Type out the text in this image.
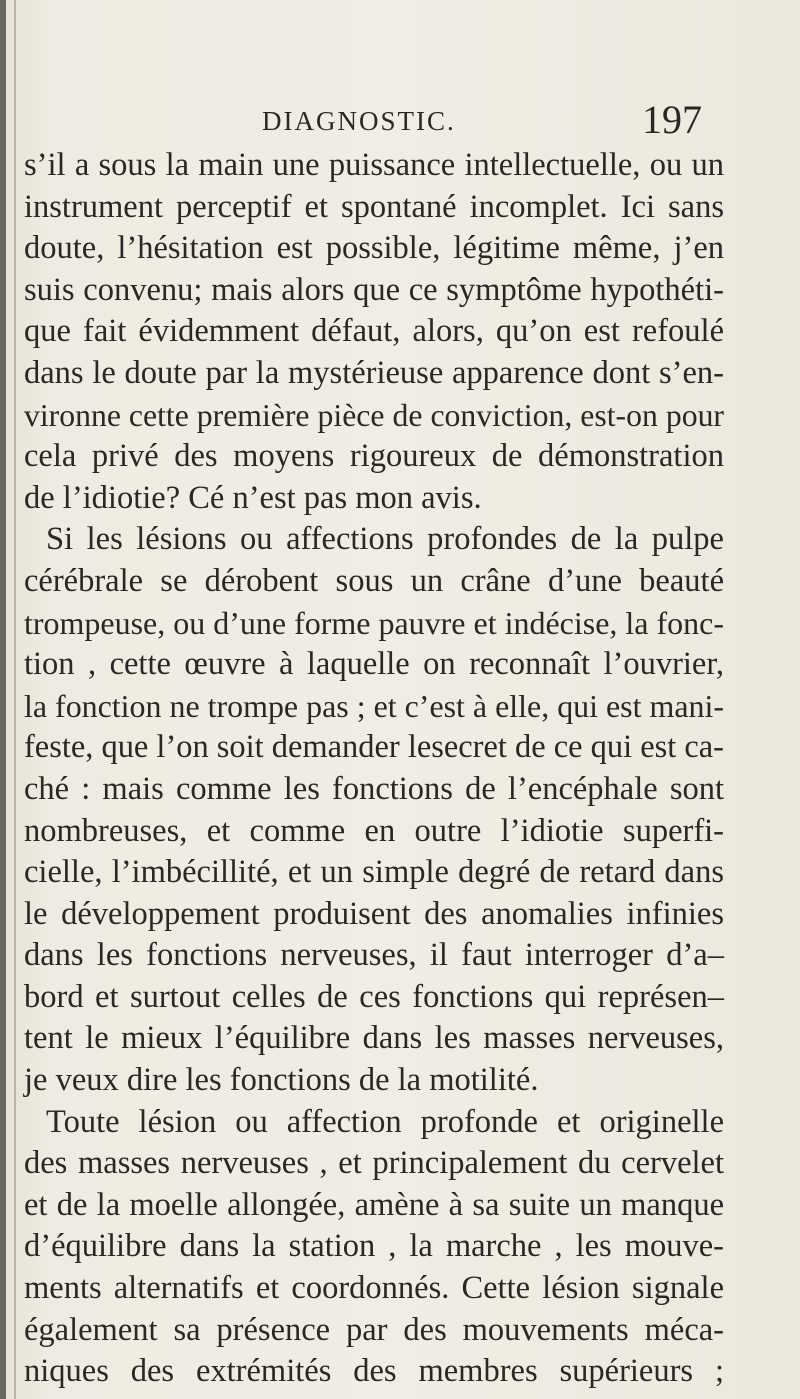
DIAGNOSTIC.	197
s’il a sous la main une puissance intellectuelle, ou un
instrument perceptif et spontané incomplet. Ici sans
doute, l’hésitation est possible, légitime même, j’en
suis convenu; mais alors que ce symptôme hypothéti-
que fait évidemment défaut, alors, qu’on est refoulé
dans le doute par la mystérieuse apparence dont s’en-
vironne cette première pièce de conviction, est-on pour
cela privé des moyens rigoureux de démonstration
de l’idiotie? Cé n’est pas mon avis.
Si les lésions ou affections profondes de la pulpe
cérébrale se dérobent sous un crâne d’une beauté
trompeuse, ou d’une forme pauvre et indécise, la fonc-
tion , cette œuvre à laquelle on reconnaît l’ouvrier,
la fonction ne trompe pas ; et c’est à elle, qui est mani-
feste, que l’on soit demander lesecret de ce qui est ca-
ché : mais comme les fonctions de l’encéphale sont
nombreuses, et comme en outre l’idiotie superfi-
cielle, l’imbécillité, et un simple degré de retard dans
le développement produisent des anomalies infinies
dans les fonctions nerveuses, il faut interroger d’a–
bord et surtout celles de ces fonctions qui représen–
tent le mieux l’équilibre dans les masses nerveuses,
je veux dire les fonctions de la motilité.
Toute lésion ou affection profonde et originelle
des masses nerveuses , et principalement du cervelet
et de la moelle allongée, amène à sa suite un manque
d’équilibre dans la station , la marche , les mouve-
ments alternatifs et coordonnés. Cette lésion signale
également sa présence par des mouvements méca-
niques des extrémités des membres supérieurs ;
